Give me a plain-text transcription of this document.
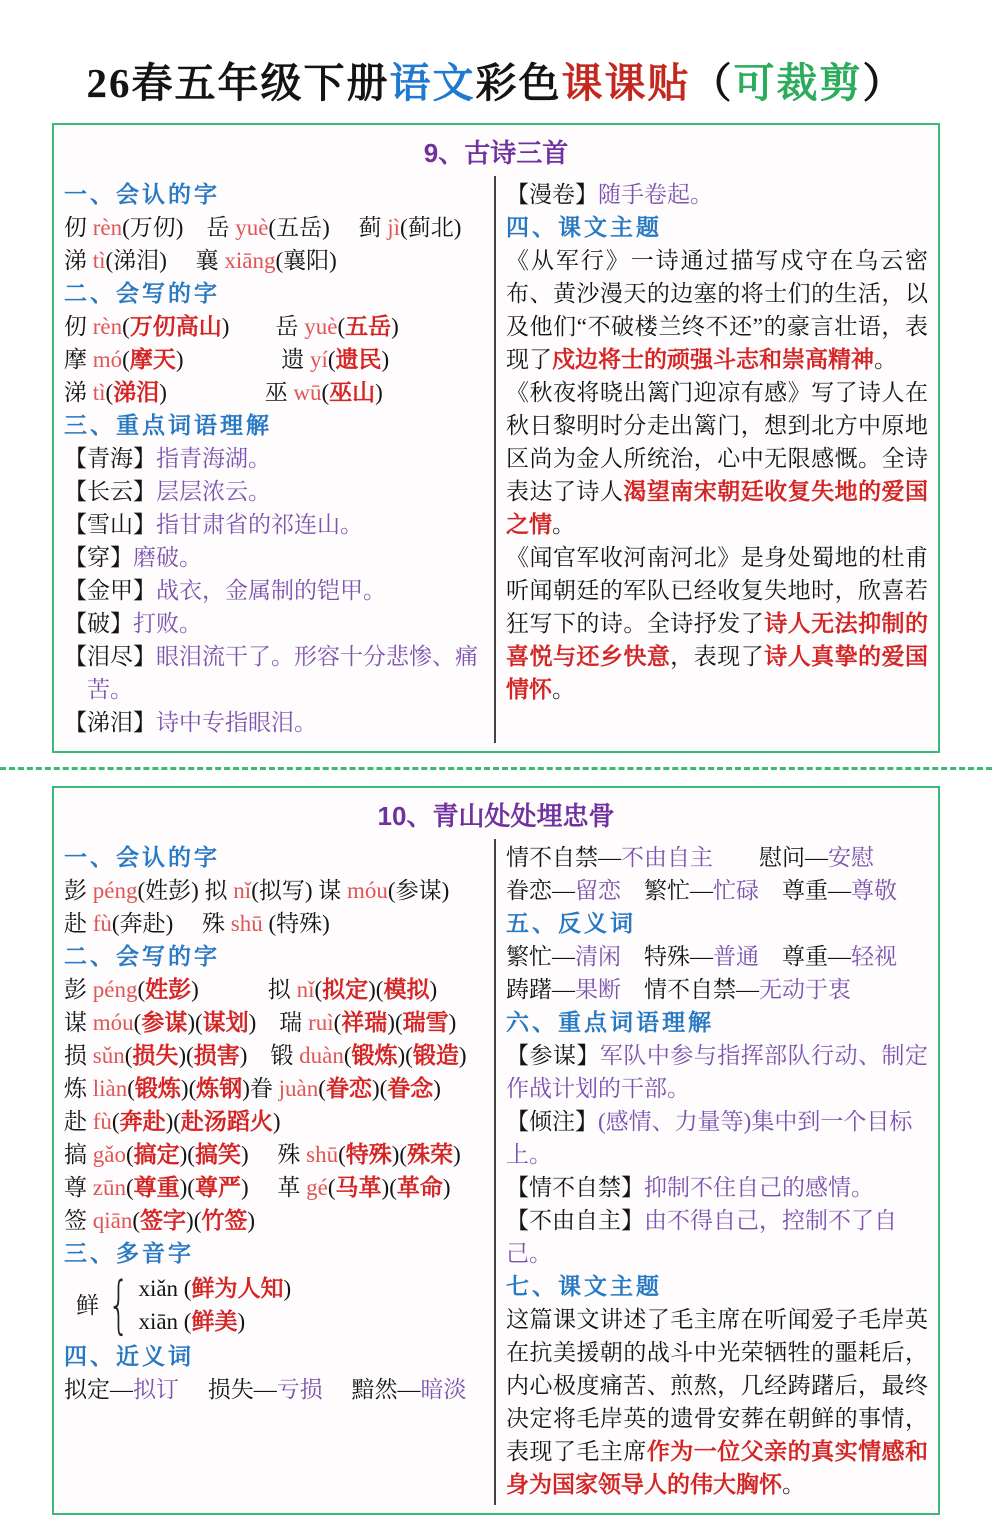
26春五年级下册语文彩色课课贴（可裁剪）
9、古诗三首
一、会认的字
仞 rèn(万仞)　岳 yuè(五岳)　 蓟 jì(蓟北)
涕 tì(涕泪)　 襄 xiāng(襄阳)
二、会写的字
仞 rèn(万仞高山)　　岳 yuè(五岳)
摩 mó(摩天)　　　　 遗 yí(遗民)
涕 tì(涕泪)　　　　 巫 wū(巫山)
三、重点词语理解
【青海】指青海湖。
【长云】层层浓云。
【雪山】指甘肃省的祁连山。
【穿】磨破。
【金甲】战衣，金属制的铠甲。
【破】打败。
【泪尽】眼泪流干了。形容十分悲惨、痛苦。
【涕泪】诗中专指眼泪。
【漫卷】随手卷起。
四、课文主题
《从军行》一诗通过描写戍守在乌云密布、黄沙漫天的边塞的将士们的生活，以及他们“不破楼兰终不还”的豪言壮语，表现了戍边将士的顽强斗志和崇高精神。
《秋夜将晓出篱门迎凉有感》写了诗人在秋日黎明时分走出篱门，想到北方中原地区尚为金人所统治，心中无限感慨。全诗表达了诗人渴望南宋朝廷收复失地的爱国之情。
《闻官军收河南河北》是身处蜀地的杜甫听闻朝廷的军队已经收复失地时，欣喜若狂写下的诗。全诗抒发了诗人无法抑制的喜悦与还乡快意，表现了诗人真挚的爱国情怀。
10、青山处处埋忠骨
一、会认的字
彭 péng(姓彭) 拟 nǐ(拟写) 谋 móu(参谋)
赴 fù(奔赴)　 殊 shū (特殊)
二、会写的字
彭 péng(姓彭)　　　拟 nǐ(拟定)(模拟)
谋 móu(参谋)(谋划)　瑞 ruì(祥瑞)(瑞雪)
损 sǔn(损失)(损害)　锻 duàn(锻炼)(锻造)
炼 liàn(锻炼)(炼钢)眷 juàn(眷恋)(眷念)
赴 fù(奔赴)(赴汤蹈火)
搞 gǎo(搞定)(搞笑)　 殊 shū(特殊)(殊荣)
尊 zūn(尊重)(尊严)　 革 gé(马革)(革命)
签 qiān(签字)(竹签)
三、多音字
鲜 { xiǎn (鲜为人知)
xiān (鲜美)
四、近义词
拟定—拟订　 损失—亏损　 黯然—暗淡
情不自禁—不由自主　　慰问—安慰
眷恋—留恋　繁忙—忙碌　尊重—尊敬
五、反义词
繁忙—清闲　特殊—普通　尊重—轻视
踌躇—果断　情不自禁—无动于衷
六、重点词语理解
【参谋】军队中参与指挥部队行动、制定作战计划的干部。
【倾注】(感情、力量等)集中到一个目标上。
【情不自禁】抑制不住自己的感情。
【不由自主】由不得自己，控制不了自己。
七、课文主题
这篇课文讲述了毛主席在听闻爱子毛岸英在抗美援朝的战斗中光荣牺牲的噩耗后，内心极度痛苦、煎熬，几经踌躇后，最终决定将毛岸英的遗骨安葬在朝鲜的事情，表现了毛主席作为一位父亲的真实情感和身为国家领导人的伟大胸怀。
